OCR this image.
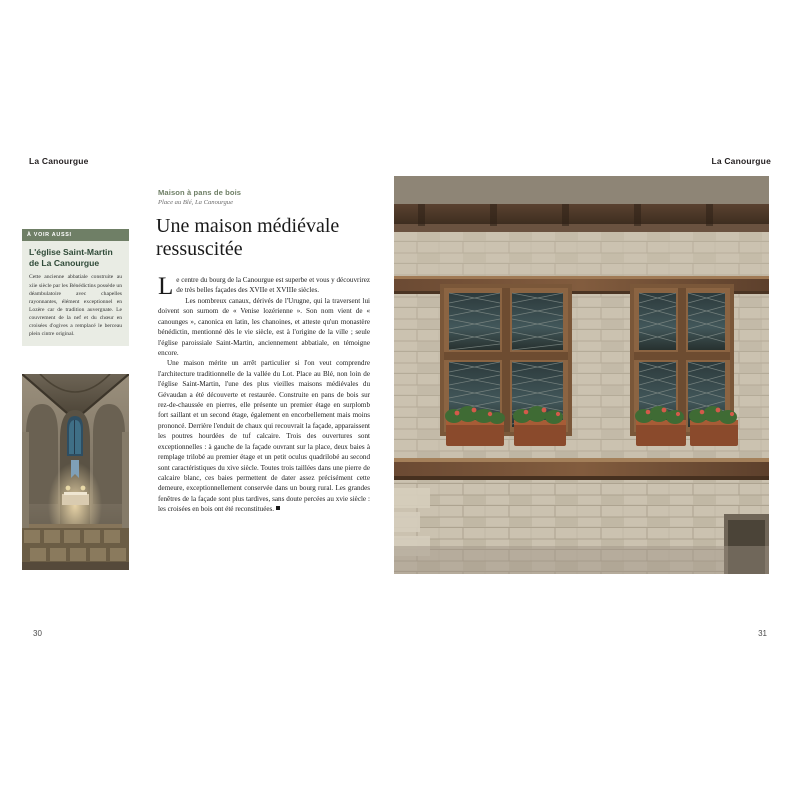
La Canourgue	La Canourgue
30	31
À VOIR AUSSI
L'église Saint-Martin de La Canourgue

Cette ancienne abbatiale construite au xiie siècle par les Bénédictins possède un déambulatoire avec chapelles rayonnantes, élément exceptionnel en Lozère car de tradition auvergnate. Le couvrement de la nef et du chœur en croisées d'ogives a remplacé le berceau plein cintre original.

Maison à pans de bois
Place au Blé, La Canourgue
Une maison médiévale ressuscitée

Le centre du bourg de la Canourgue est superbe et vous y découvrirez de très belles façades des XVIIe et XVIIIe siècles.

Les nombreux canaux, dérivés de l'Urugne, qui la traversent lui doivent son surnom de « Venise lozérienne ». Son nom vient de « canounges », canonica en latin, les chanoines, et atteste qu'un monastère bénédictin, mentionné dès le vie siècle, est à l'origine de la ville ; seule l'église paroissiale Saint-Martin, anciennement abbatiale, en témoigne encore.

Une maison mérite un arrêt particulier si l'on veut comprendre l'architecture traditionnelle de la vallée du Lot. Place au Blé, non loin de l'église Saint-Martin, l'une des plus vieilles maisons médiévales du Gévaudan a été découverte et restaurée. Construite en pans de bois sur rez-de-chaussée en pierres, elle présente un premier étage en surplomb fort saillant et un second étage, également en encorbellement mais moins prononcé. Derrière l'enduit de chaux qui recouvrait la façade, apparaissent les poutres hourdées de tuf calcaire. Trois des ouvertures sont exceptionnelles : à gauche de la façade ouvrant sur la place, deux baies à remplage trilobé au premier étage et un petit oculus quadrilobé au second sont caractéristiques du xive siècle. Toutes trois taillées dans une pierre de calcaire blanc, ces baies permettent de dater assez précisément cette demeure, exceptionnellement conservée dans un bourg rural. Les grandes fenêtres de la façade sont plus tardives, sans doute percées au xvie siècle : les croisées en bois ont été reconstituées.
